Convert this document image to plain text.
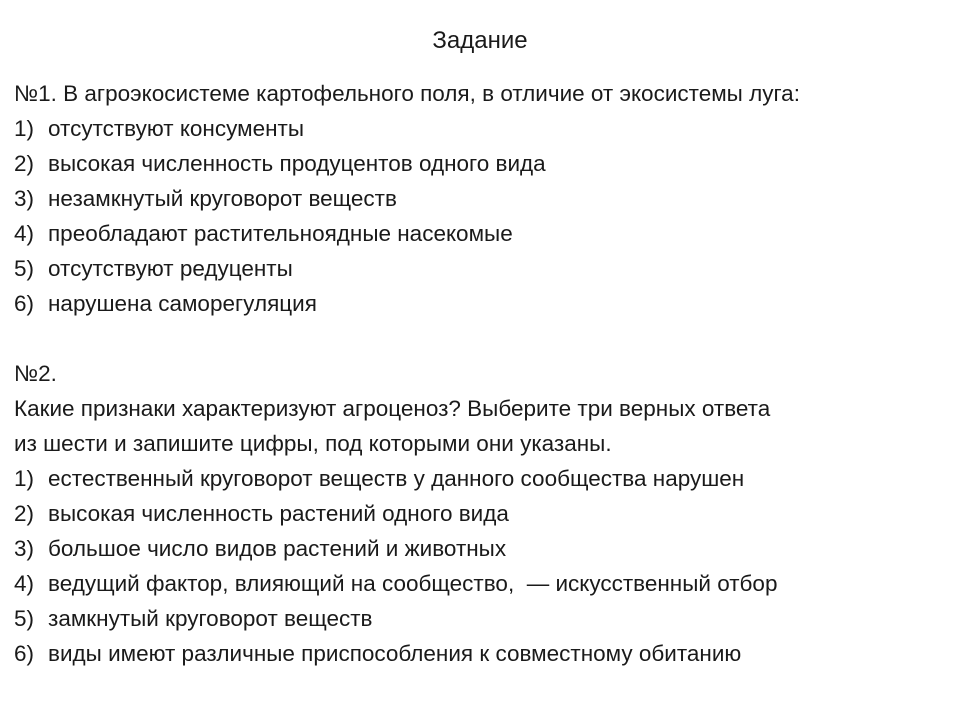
Задание
№1. В агроэкосистеме картофельного поля, в отличие от экосистемы луга:
1) отсутствуют консументы
2) высокая численность продуцентов одного вида
3) незамкнутый круговорот веществ
4) преобладают растительноядные насекомые
5) отсутствуют редуценты
6) нарушена саморегуляция
№2.
Какие признаки характеризуют агроценоз? Выберите три верных ответа
из шести и запишите цифры, под которыми они указаны.
1) естественный круговорот веществ у данного сообщества нарушен
2) высокая численность растений одного вида
3) большое число видов растений и животных
4) ведущий фактор, влияющий на сообщество,  — искусственный отбор
5) замкнутый круговорот веществ
6) виды имеют различные приспособления к совместному обитанию
